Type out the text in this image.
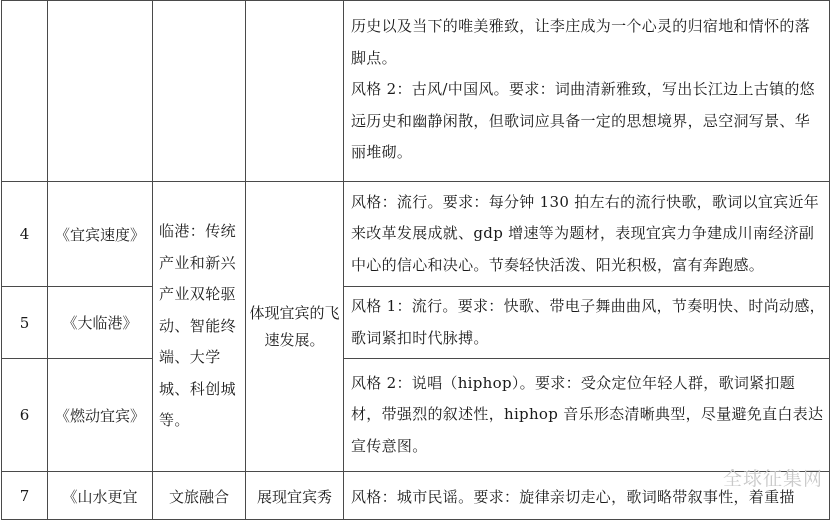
				历史以及当下的唯美雅致，让李庄成为一个心灵的归宿地和情怀的落脚点。

风格 2：古风/中国风。要求：词曲清新雅致，写出长江边上古镇的悠远历史和幽静闲散，但歌词应具备一定的思想境界，忌空洞写景、华丽堆砌。

4	《宜宾速度》	临港：传统产业和新兴产业双轮驱动、智能终端、大学城、科创城等。	体现宜宾的飞速发展。	风格：流行。要求：每分钟 130 拍左右的流行快歌，歌词以宜宾近年来改革发展成就、gdp 增速等为题材，表现宜宾力争建成川南经济副中心的信心和决心。节奏轻快活泼、阳光积极，富有奔跑感。
5	《大临港》			风格 1：流行。要求：快歌、带电子舞曲曲风，节奏明快、时尚动感，歌词紧扣时代脉搏。
6	《燃动宜宾》			风格 2：说唱（hiphop）。要求：受众定位年轻人群，歌词紧扣题材，带强烈的叙述性，hiphop 音乐形态清晰典型，尽量避免直白表达宣传意图。
7	《山水更宜	文旅融合	展现宜宾秀	风格：城市民谣。要求：旋律亲切走心，歌词略带叙事性，着重描
全球征集网
